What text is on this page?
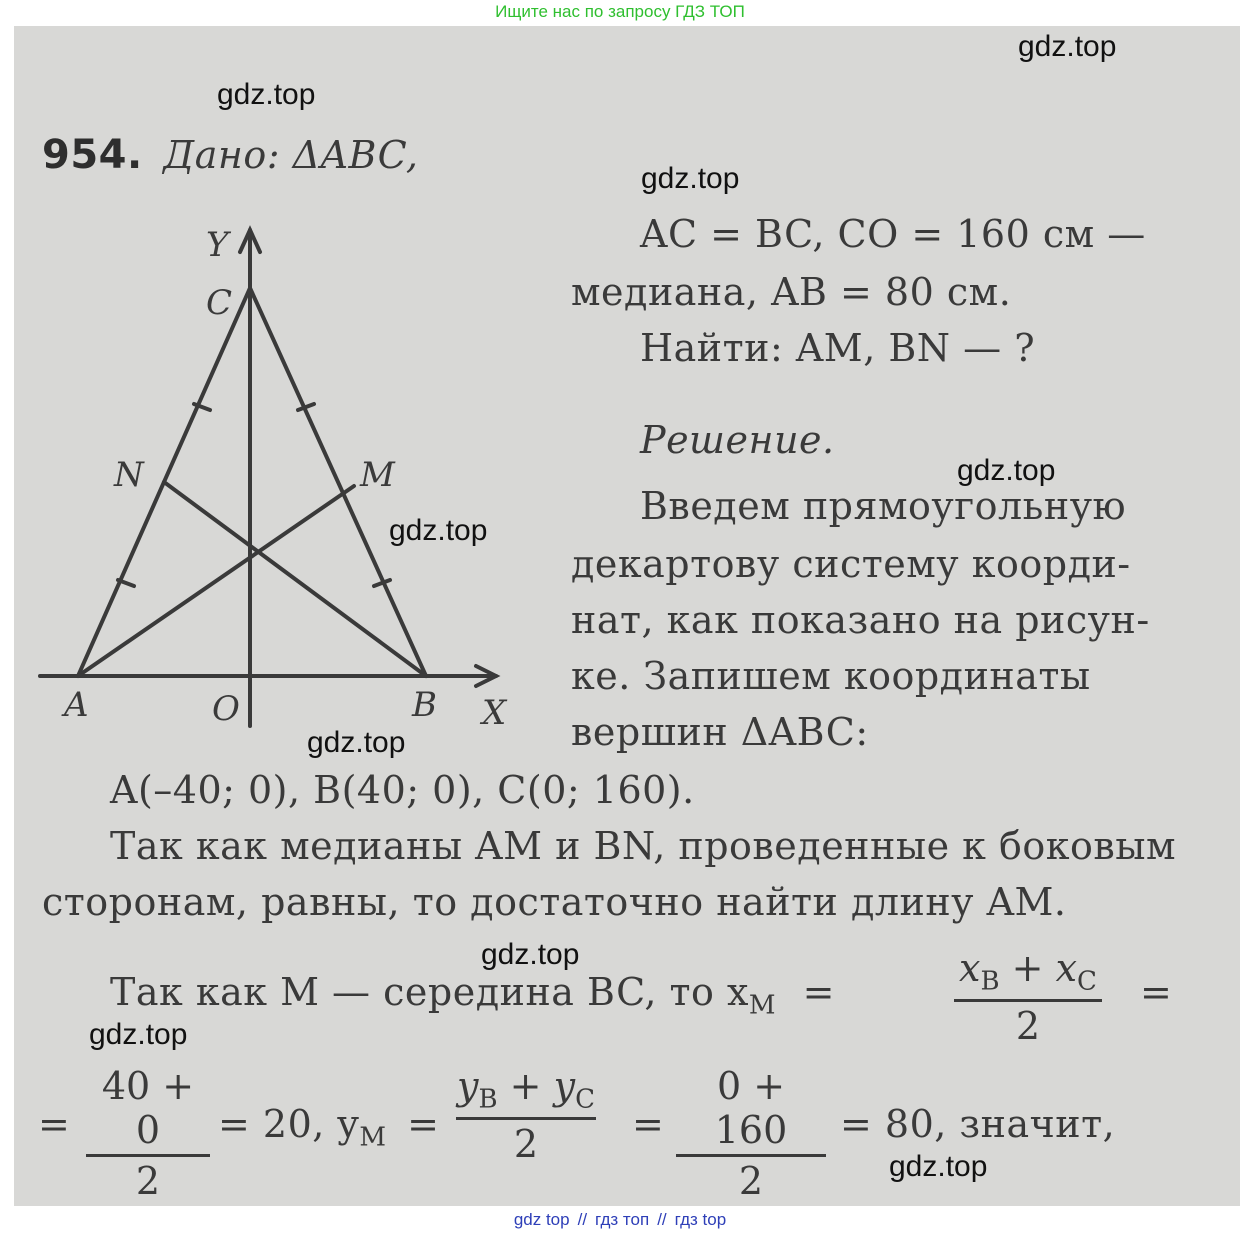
Ищите нас по запросу ГДЗ ТОП
gdz.top
gdz.top
gdz.top
gdz.top
gdz.top
gdz.top
gdz.top
gdz.top
gdz.top
954. Дано: ΔABC,
AC = BC, CO = 160 см —
медиана, AB = 80 см.
Найти: AM, BN — ?
Решение.
Введем прямоугольную
декартову систему коорди-
нат, как показано на рисун-
ке. Запишем координаты
вершин ΔABC:
Y
C
N	M
A	O	B X
A(–40; 0), B(40; 0), C(0; 160).
Так как медианы AM и BN, проведенные к боковым
сторонам, равны, то достаточно найти длину AM.
Так как M — середина BC, то $x_M$ =
$x_B + x_C$
2
=
=
40 + 0
2
= 20, $y_M$ =
$y_B + y_C$
2	=
0 + 160
2
= 80, значит,
gdz top // гдз топ // гдз top
